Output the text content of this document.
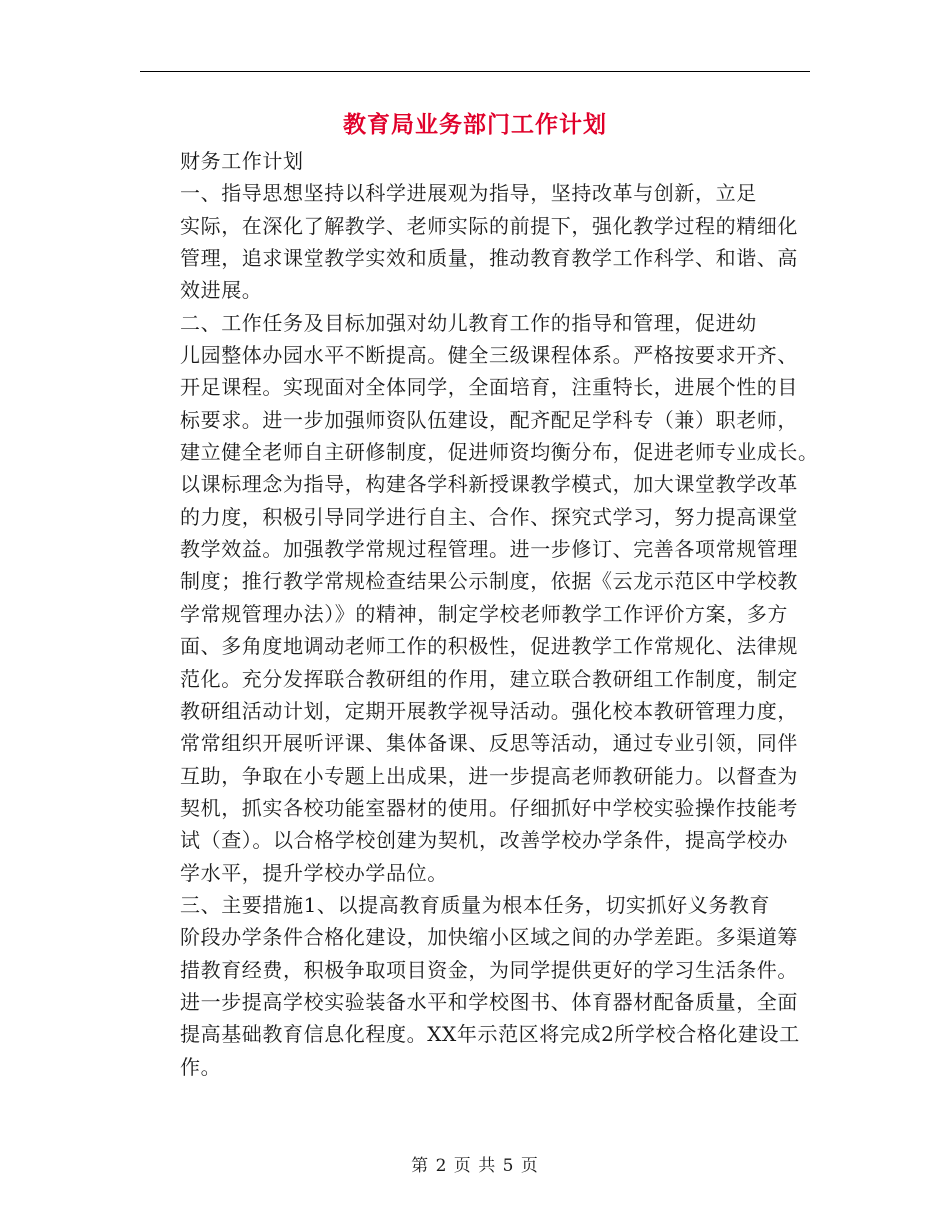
教育局业务部门工作计划

财务工作计划

一、指导思想坚持以科学进展观为指导，坚持改革与创新，立足
实际，在深化了解教学、老师实际的前提下，强化教学过程的精细化
管理，追求课堂教学实效和质量，推动教育教学工作科学、和谐、高
效进展。

二、工作任务及目标加强对幼儿教育工作的指导和管理，促进幼
儿园整体办园水平不断提高。健全三级课程体系。严格按要求开齐、
开足课程。实现面对全体同学，全面培育，注重特长，进展个性的目
标要求。进一步加强师资队伍建设，配齐配足学科专（兼）职老师，
建立健全老师自主研修制度，促进师资均衡分布，促进老师专业成长。
以课标理念为指导，构建各学科新授课教学模式，加大课堂教学改革
的力度，积极引导同学进行自主、合作、探究式学习，努力提高课堂
教学效益。加强教学常规过程管理。进一步修订、完善各项常规管理
制度；推行教学常规检查结果公示制度，依据《云龙示范区中学校教
学常规管理办法）》的精神，制定学校老师教学工作评价方案，多方
面、多角度地调动老师工作的积极性，促进教学工作常规化、法律规
范化。充分发挥联合教研组的作用，建立联合教研组工作制度，制定
教研组活动计划，定期开展教学视导活动。强化校本教研管理力度，
常常组织开展听评课、集体备课、反思等活动，通过专业引领，同伴
互助，争取在小专题上出成果，进一步提高老师教研能力。以督查为
契机，抓实各校功能室器材的使用。仔细抓好中学校实验操作技能考
试（查）。以合格学校创建为契机，改善学校办学条件，提高学校办
学水平，提升学校办学品位。

三、主要措施1、以提高教育质量为根本任务，切实抓好义务教育
阶段办学条件合格化建设，加快缩小区域之间的办学差距。多渠道筹
措教育经费，积极争取项目资金，为同学提供更好的学习生活条件。
进一步提高学校实验装备水平和学校图书、体育器材配备质量，全面
提高基础教育信息化程度。XX年示范区将完成2所学校合格化建设工
作。

第 2 页 共 5 页
